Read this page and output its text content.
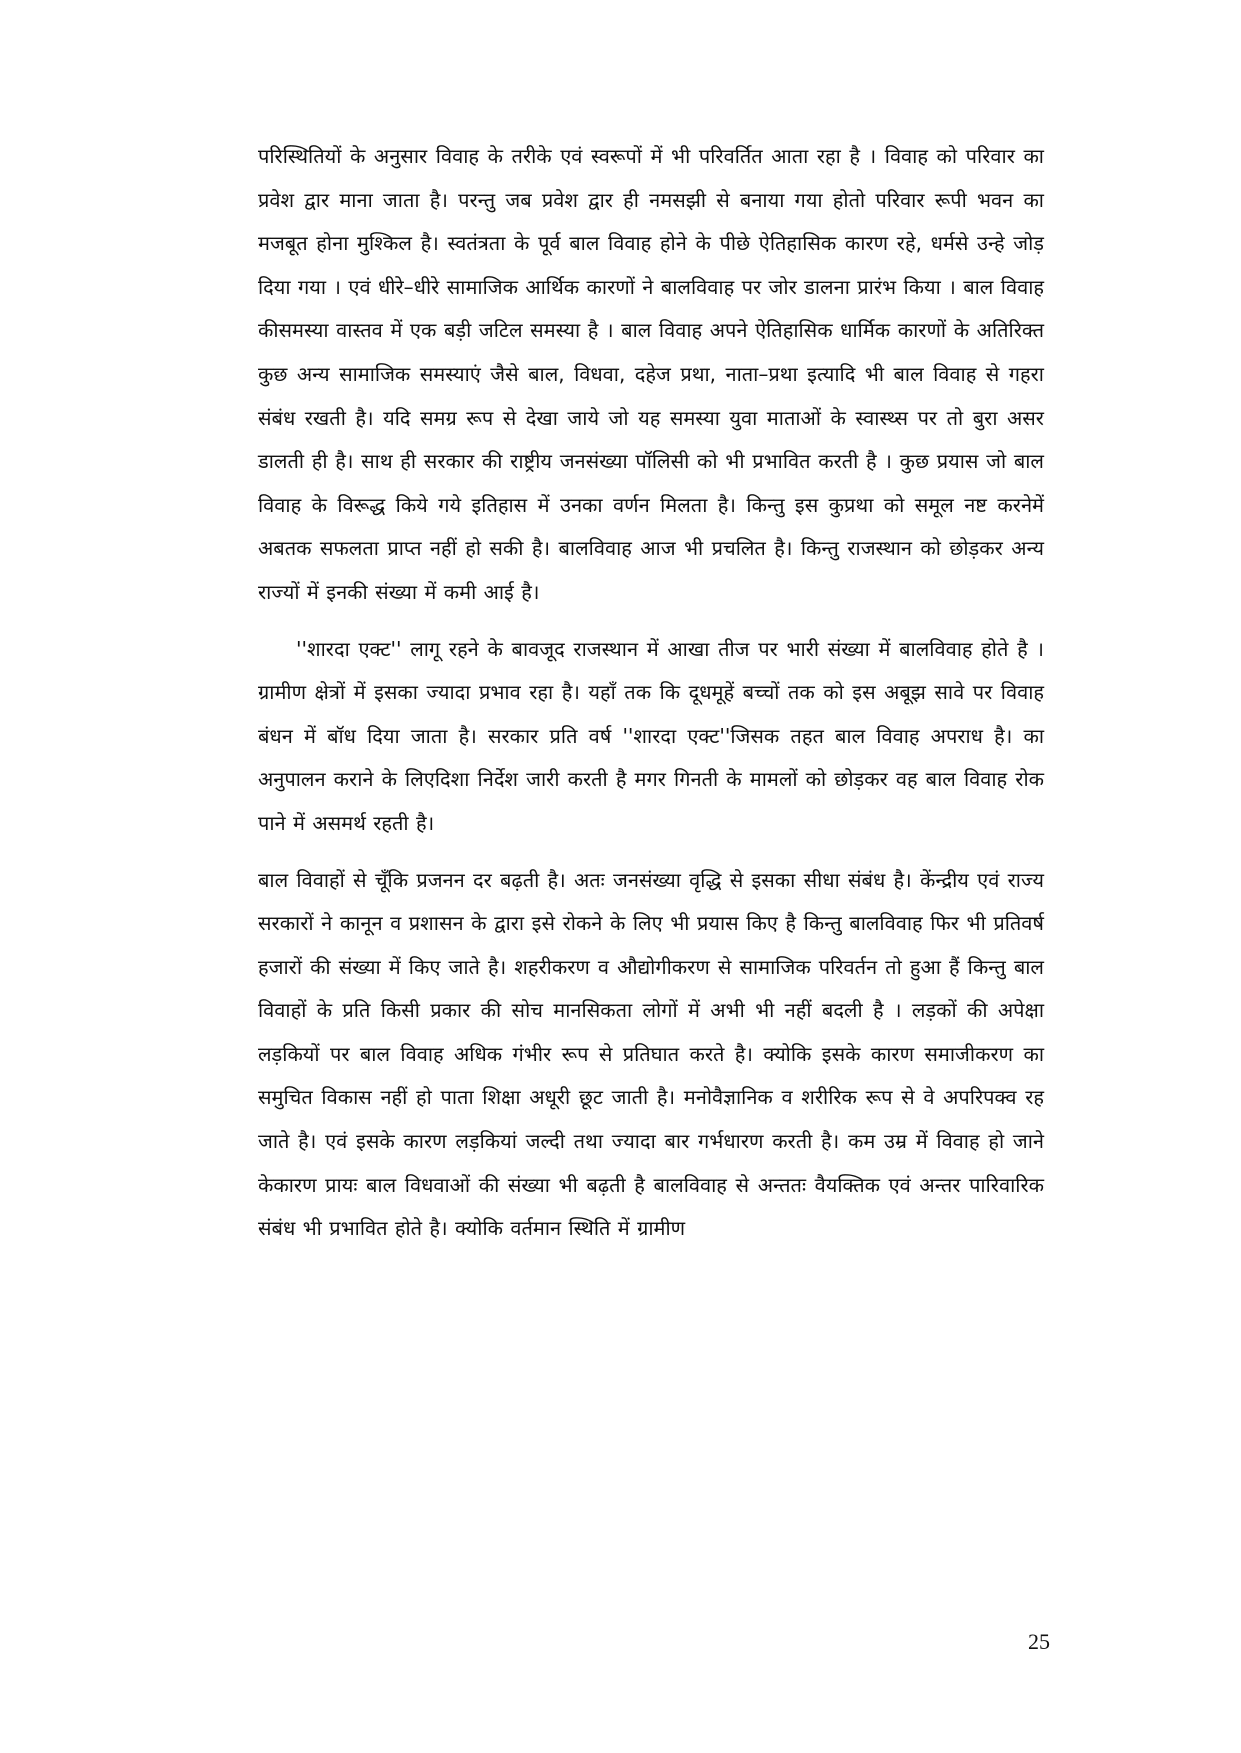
परिस्थितियों के अनुसार विवाह के तरीके एवं स्वरूपों में भी परिवर्तित आता रहा है । विवाह को परिवार का प्रवेश द्वार माना जाता है। परन्तु जब प्रवेश द्वार ही नमसझी से बनाया गया होतो परिवार रूपी भवन का मजबूत होना मुश्किल है। स्वतंत्रता के पूर्व बाल विवाह होने के पीछे ऐतिहासिक कारण रहे, धर्मसे उन्हे जोड़ दिया गया । एवं धीरे–धीरे सामाजिक आर्थिक कारणों ने बालविवाह पर जोर डालना प्रारंभ किया । बाल विवाह कीसमस्या वास्तव में एक बड़ी जटिल समस्या है । बाल विवाह अपने ऐतिहासिक धार्मिक कारणों के अतिरिक्त कुछ अन्य सामाजिक समस्याएं जैसे बाल, विधवा, दहेज प्रथा, नाता–प्रथा इत्यादि भी बाल विवाह से गहरा संबंध रखती है। यदि समग्र रूप से देखा जाये जो यह समस्या युवा माताओं के स्वास्थ्स पर तो बुरा असर डालती ही है। साथ ही सरकार की राष्ट्रीय जनसंख्या पॉलिसी को भी प्रभावित करती है । कुछ प्रयास जो बाल विवाह के विरूद्ध किये गये इतिहास में उनका वर्णन मिलता है। किन्तु इस कुप्रथा को समूल नष्ट करनेमें अबतक सफलता प्राप्त नहीं हो सकी है। बालविवाह आज भी प्रचलित है। किन्तु राजस्थान को छोड़कर अन्य राज्यों में इनकी संख्या में कमी आई है।

''शारदा एक्ट'' लागू रहने के बावजूद राजस्थान में आखा तीज पर भारी संख्या में बालविवाह होते है । ग्रामीण क्षेत्रों में इसका ज्यादा प्रभाव रहा है। यहाँ तक कि दूधमूहें बच्चों तक को इस अबूझ सावे पर विवाह बंधन में बॉध दिया जाता है। सरकार प्रति वर्ष ''शारदा एक्ट''जिसक तहत बाल विवाह अपराध है। का अनुपालन कराने के लिएदिशा निर्देश जारी करती है मगर गिनती के मामलों को छोड़कर वह बाल विवाह रोक पाने में असमर्थ रहती है।

बाल विवाहों से चूँकि प्रजनन दर बढ़ती है। अतः जनसंख्या वृद्धि से इसका सीधा संबंध है। केंन्द्रीय एवं राज्य सरकारों ने कानून व प्रशासन के द्वारा इसे रोकने के लिए भी प्रयास किए है किन्तु बालविवाह फिर भी प्रतिवर्ष हजारों की संख्या में किए जाते है। शहरीकरण व औद्योगीकरण से सामाजिक परिवर्तन तो हुआ हैं किन्तु बाल विवाहों के प्रति किसी प्रकार की सोच मानसिकता लोगों में अभी भी नहीं बदली है । लड़कों की अपेक्षा लड़कियों पर बाल विवाह अधिक गंभीर रूप से प्रतिघात करते है। क्योकि इसके कारण समाजीकरण का समुचित विकास नहीं हो पाता शिक्षा अधूरी छूट जाती है। मनोवैज्ञानिक व शरीरिक रूप से वे अपरिपक्व रह जाते है। एवं इसके कारण लड़कियां जल्दी तथा ज्यादा बार गर्भधारण करती है। कम उम्र में विवाह हो जाने केकारण प्रायः बाल विधवाओं की संख्या भी बढ़ती है बालविवाह से अन्ततः वैयक्तिक एवं अन्तर पारिवारिक संबंध भी प्रभावित होते है। क्योकि वर्तमान स्थिति में ग्रामीण

25
